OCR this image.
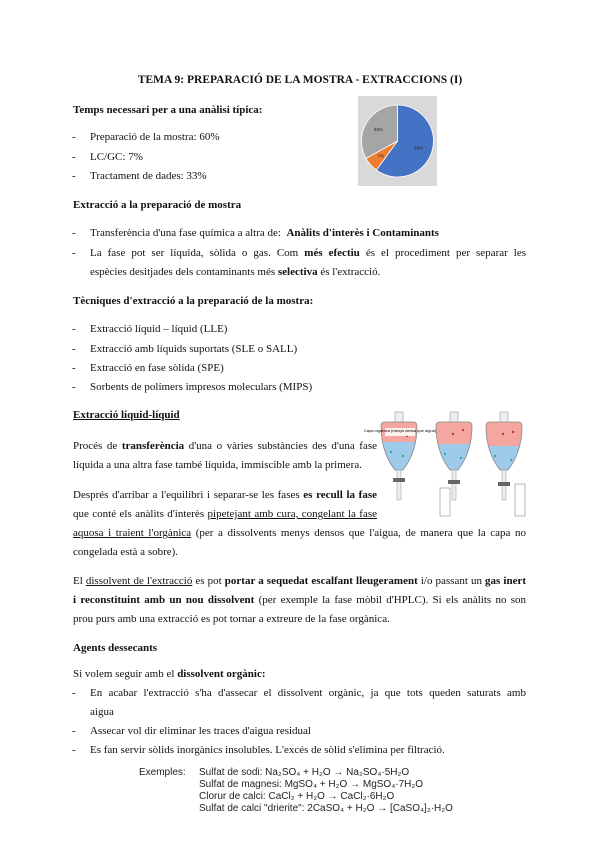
TEMA 9: PREPARACIÓ DE LA MOSTRA - EXTRACCIONS (I)
Temps necessari per a una anàlisi típica:
- Preparació de la mostra: 60%
- LC/GC: 7%
- Tractament de dades: 33%
60%
7%
33%
Extracció a la preparació de mostra
- Transferència d'una fase química a altra de: Anàlits d'interès i Contaminants
- La fase pot ser líquida, sòlida o gas. Com més efectiu és el procediment per separar les
espècies desitjades dels contaminants més selectiva és l'extracció.
Tècniques d'extracció a la preparació de la mostra:
- Extracció líquid – líquid (LLE)
- Extracció amb líquids suportats (SLE o SALL)
- Extracció en fase sòlida (SPE)
- Sorbents de polímers impresos moleculars (MIPS)
Extracció líquid-líquid
Procés de transferència d'una o vàries substàncies des d'una fase
líquida a una altra fase també líquida, immiscible amb la primera.
Després d'arribar a l'equilibri i separar-se les fases es recull la fase
que conté els anàlits d'interès pipetejant amb cura, congelant la fase
aquosa i traient l'orgànica (per a dissolvents menys densos que l'aigua, de manera que la capa no
congelada està a sobre).
Capa orgànica (menys densa que aigua)
El dissolvent de l'extracció es pot portar a sequedat escalfant lleugerament i/o passant un gas inert
i reconstituint amb un nou dissolvent (per exemple la fase mòbil d'HPLC). Si els anàlits no son
prou purs amb una extracció es pot tornar a extreure de la fase orgànica.
Agents dessecants
Si volem seguir amb el dissolvent orgànic:
- En acabar l'extracció s'ha d'assecar el dissolvent orgànic, ja que tots queden saturats amb
aigua
- Assecar vol dir eliminar les traces d'aigua residual
- Es fan servir sòlids inorgànics insolubles. L'excés de sòlid s'elimina per filtració.
Exemples: Sulfat de sodi: Na₂SO₄ + H₂O → Na₂SO₄·5H₂O
Sulfat de magnesi: MgSO₄ + H₂O → MgSO₄·7H₂O
Clorur de calci: CaCl₂ + H₂O → CaCl₂·6H₂O
Sulfat de calci "drierite": 2CaSO₄ + H₂O → [CaSO₄]₂·H₂O
